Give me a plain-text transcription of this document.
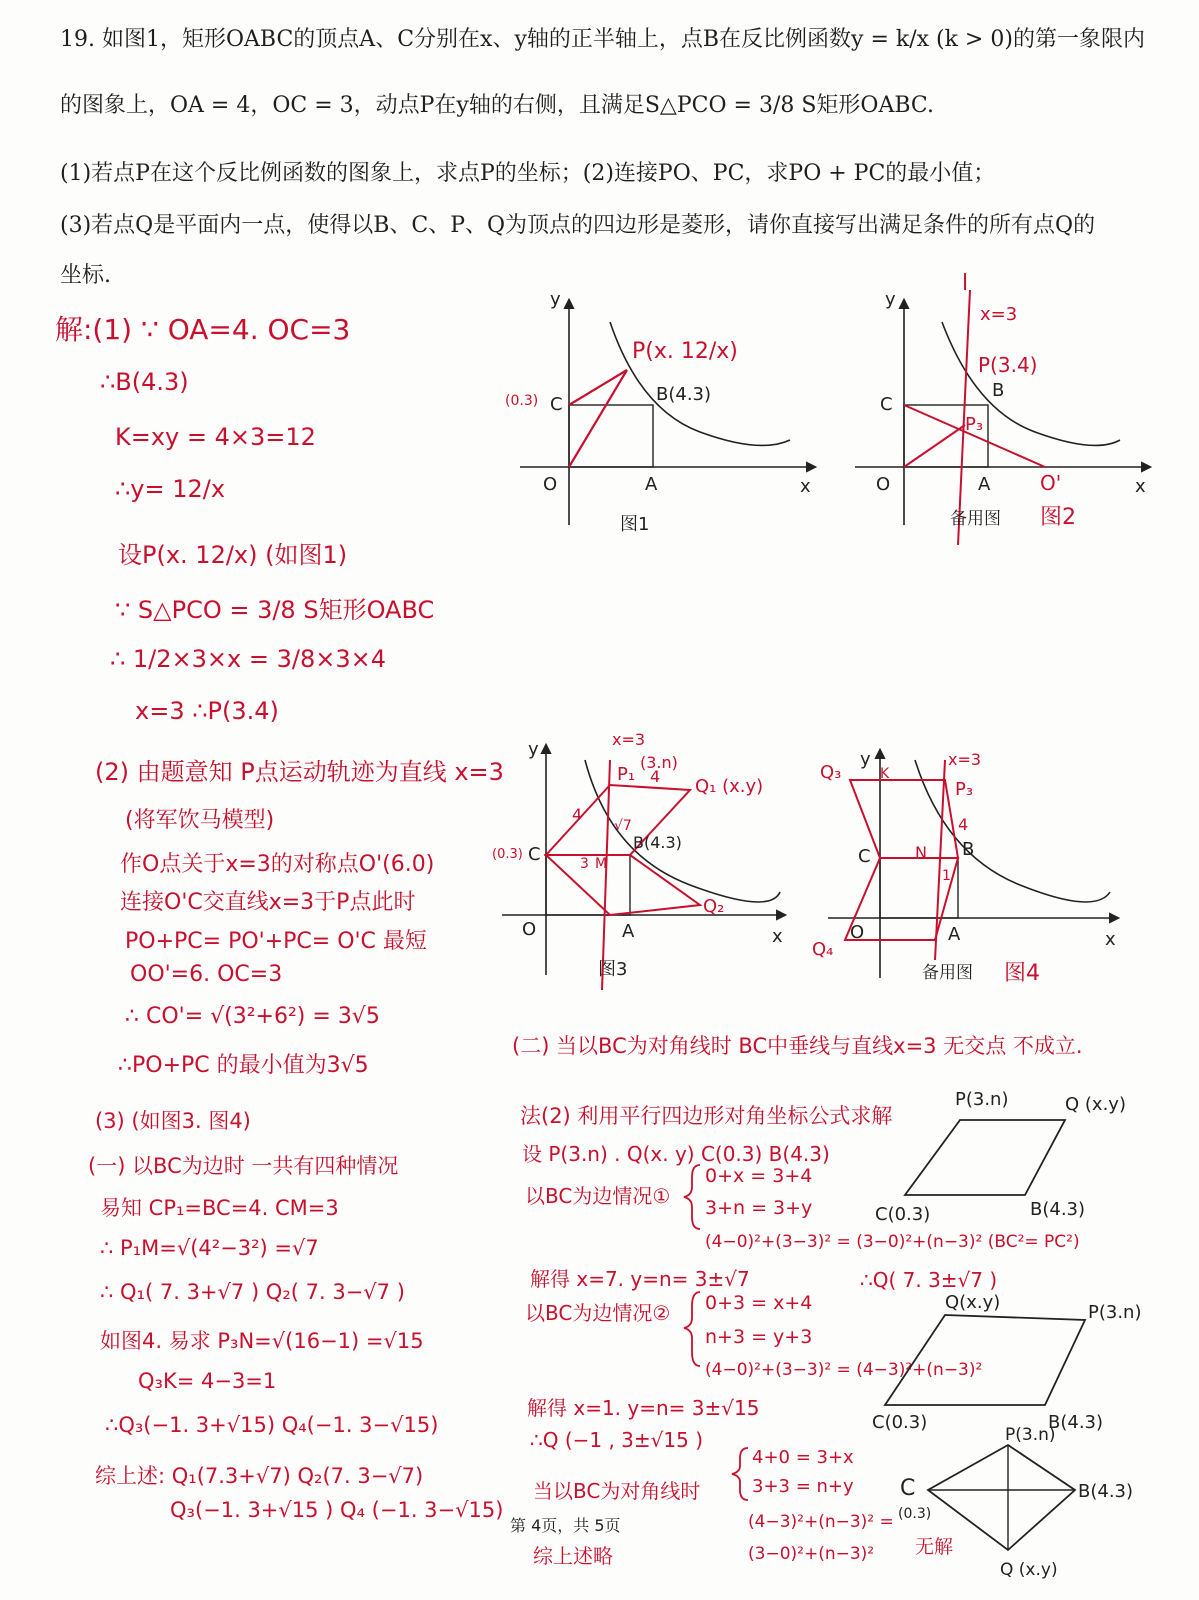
19. 如图1，矩形OABC的顶点A、C分别在x、y轴的正半轴上，点B在反比例函数y = k/x (k > 0)的第一象限内
的图象上，OA = 4，OC = 3，动点P在y轴的右侧，且满足S△PCO = 3/8 S矩形OABC.
(1)若点P在这个反比例函数的图象上，求点P的坐标；(2)连接PO、PC，求PO + PC的最小值；
(3)若点Q是平面内一点，使得以B、C、P、Q为顶点的四边形是菱形，请你直接写出满足条件的所有点Q的
坐标.
解:(1) ∵ OA=4. OC=3
∴B(4.3)
K=xy = 4×3=12
∴y= 12/x
设P(x. 12/x) (如图1)
∵ S△PCO = 3/8 S矩形OABC
∴ 1/2×3×x = 3/8×3×4
x=3 ∴P(3.4)
(2) 由题意知 P点运动轨迹为直线 x=3
(将军饮马模型)
作O点关于x=3的对称点O'(6.0)
连接O'C交直线x=3于P点此时
PO+PC= PO'+PC= O'C 最短
OO'=6. OC=3
∴ CO'= √(3²+6²) = 3√5
∴PO+PC 的最小值为3√5
(3) (如图3. 图4)
(一) 以BC为边时 一共有四种情况
易知 CP₁=BC=4. CM=3
∴ P₁M=√(4²−3²) =√7
∴ Q₁( 7. 3+√7 ) Q₂( 7. 3−√7 )
如图4. 易求 P₃N=√(16−1) =√15
Q₃K= 4−3=1
∴Q₃(−1. 3+√15) Q₄(−1. 3−√15)
综上述: Q₁(7.3+√7) Q₂(7. 3−√7)
Q₃(−1. 3+√15 ) Q₄ (−1. 3−√15)
(二) 当以BC为对角线时 BC中垂线与直线x=3 无交点 不成立.
法(2) 利用平行四边形对角坐标公式求解
设 P(3.n) . Q(x. y) C(0.3) B(4.3)
以BC为边情况①
0+x = 3+4
3+n = 3+y
(4−0)²+(3−3)² = (3−0)²+(n−3)² (BC²= PC²)
解得 x=7. y=n= 3±√7	∴Q( 7. 3±√7 )
以BC为边情况② 0+3 = x+4
n+3 = y+3
(4−0)²+(3−3)² = (4−3)²+(n−3)²
解得 x=1. y=n= 3±√15
∴Q (−1 , 3±√15 )
当以BC为对角线时
4+0 = 3+x
3+3 = n+y
(4−3)²+(n−3)² =
(3−0)²+(n−3)² 无解
综上述略
第 4页，共 5页
y
x
O	A
C
(0.3)	B(4.3)
P(x. 12/x)
图1
y
x
O	A
C
B
l
x=3
P(3.4)
P₃
O'
备用图 图2
y
x
O	A
C
(0.3)
B(4.3)
x=3
(3.n)
P₁
Q₁ (x.y)
Q₂
4
4
3 M
√7
图3
y
x
O	A
C	B
Q₃
Q₄
K
N
x=3
P₃
4
1
备用图 图4
P(3.n)	Q (x.y)
C(0.3)	B(4.3)
Q(x.y)	P(3.n)
C(0.3)	B(4.3)
P(3.n)
C
(0.3)
B(4.3)
Q (x.y)
